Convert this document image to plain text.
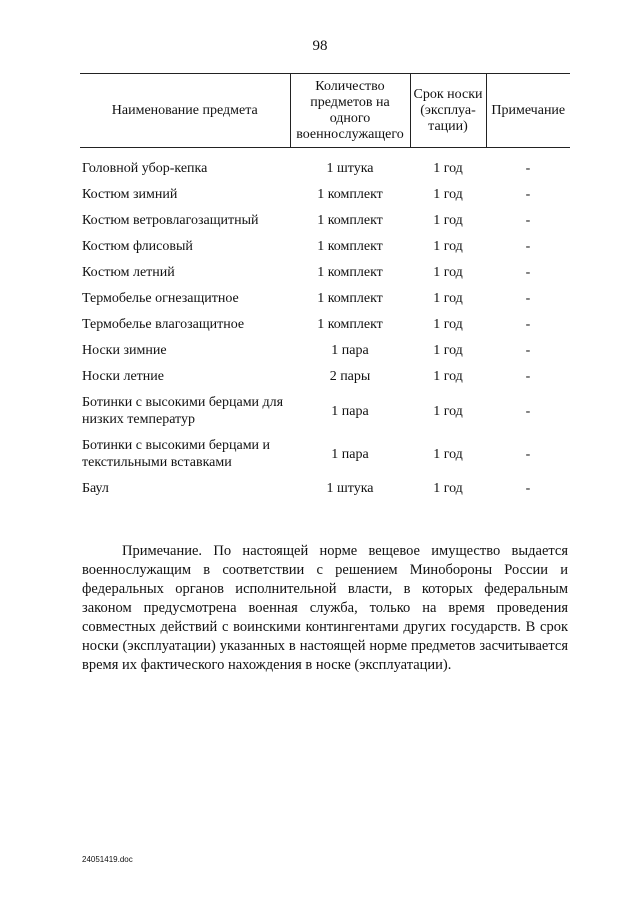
98
Наименование предмета	Количество предметов на одного военнослужащего	Срок носки (эксплуа-тации)	Примечание

Головной убор-кепка	1 штука	1 год	-
Костюм зимний	1 комплект	1 год	-
Костюм ветровлагозащитный	1 комплект	1 год	-
Костюм флисовый	1 комплект	1 год	-
Костюм летний	1 комплект	1 год	-
Термобелье огнезащитное	1 комплект	1 год	-
Термобелье влагозащитное	1 комплект	1 год	-
Носки зимние	1 пара	1 год	-
Носки летние	2 пары	1 год	-
Ботинки с высокими берцами для низких температур	1 пара	1 год	-
Ботинки с высокими берцами и текстильными вставками	1 пара	1 год	-
Баул	1 штука	1 год	-

Примечание. По настоящей норме вещевое имущество выдается военнослужащим в соответствии с решением Минобороны России и федеральных органов исполнительной власти, в которых федеральным законом предусмотрена военная служба, только на время проведения совместных действий с воинскими контингентами других государств. В срок носки (эксплуатации) указанных в настоящей норме предметов засчитывается время их фактического нахождения в носке (эксплуатации).

24051419.doc
